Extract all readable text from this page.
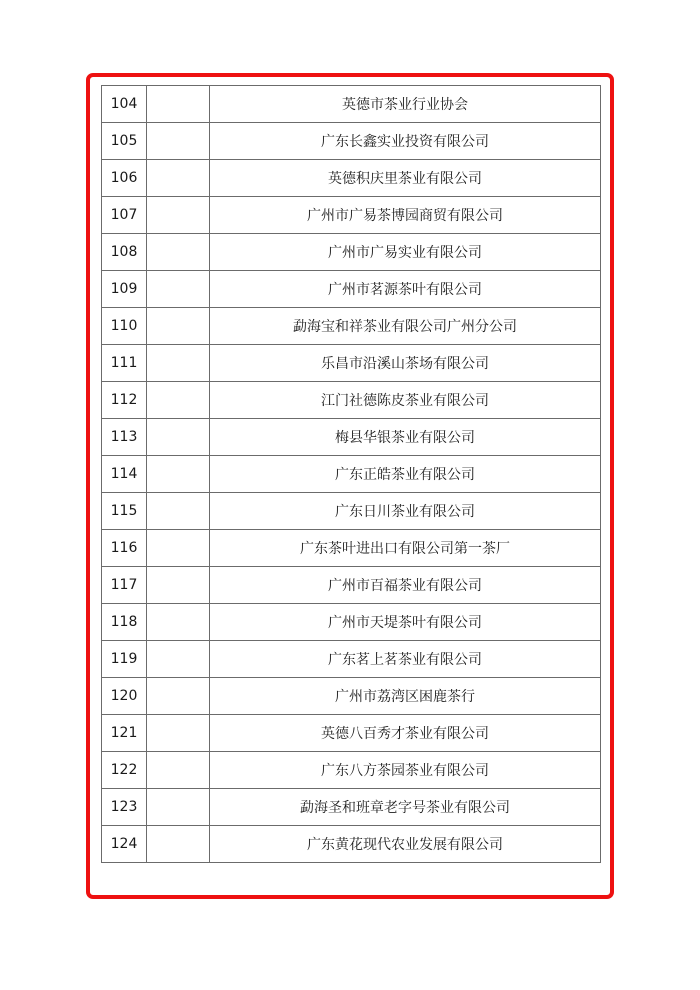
104		英德市茶业行业协会
105		广东长鑫实业投资有限公司
106		英德积庆里茶业有限公司
107		广州市广易茶博园商贸有限公司
108		广州市广易实业有限公司
109		广州市茗源茶叶有限公司
110		勐海宝和祥茶业有限公司广州分公司
111		乐昌市沿溪山茶场有限公司
112		江门社德陈皮茶业有限公司
113		梅县华银茶业有限公司
114		广东正皓茶业有限公司
115		广东日川茶业有限公司
116		广东茶叶进出口有限公司第一茶厂
117		广州市百福茶业有限公司
118		广州市天堤茶叶有限公司
119		广东茗上茗茶业有限公司
120		广州市荔湾区困鹿茶行
121		英德八百秀才茶业有限公司
122		广东八方茶园茶业有限公司
123		勐海圣和班章老字号茶业有限公司
124		广东黄花现代农业发展有限公司
